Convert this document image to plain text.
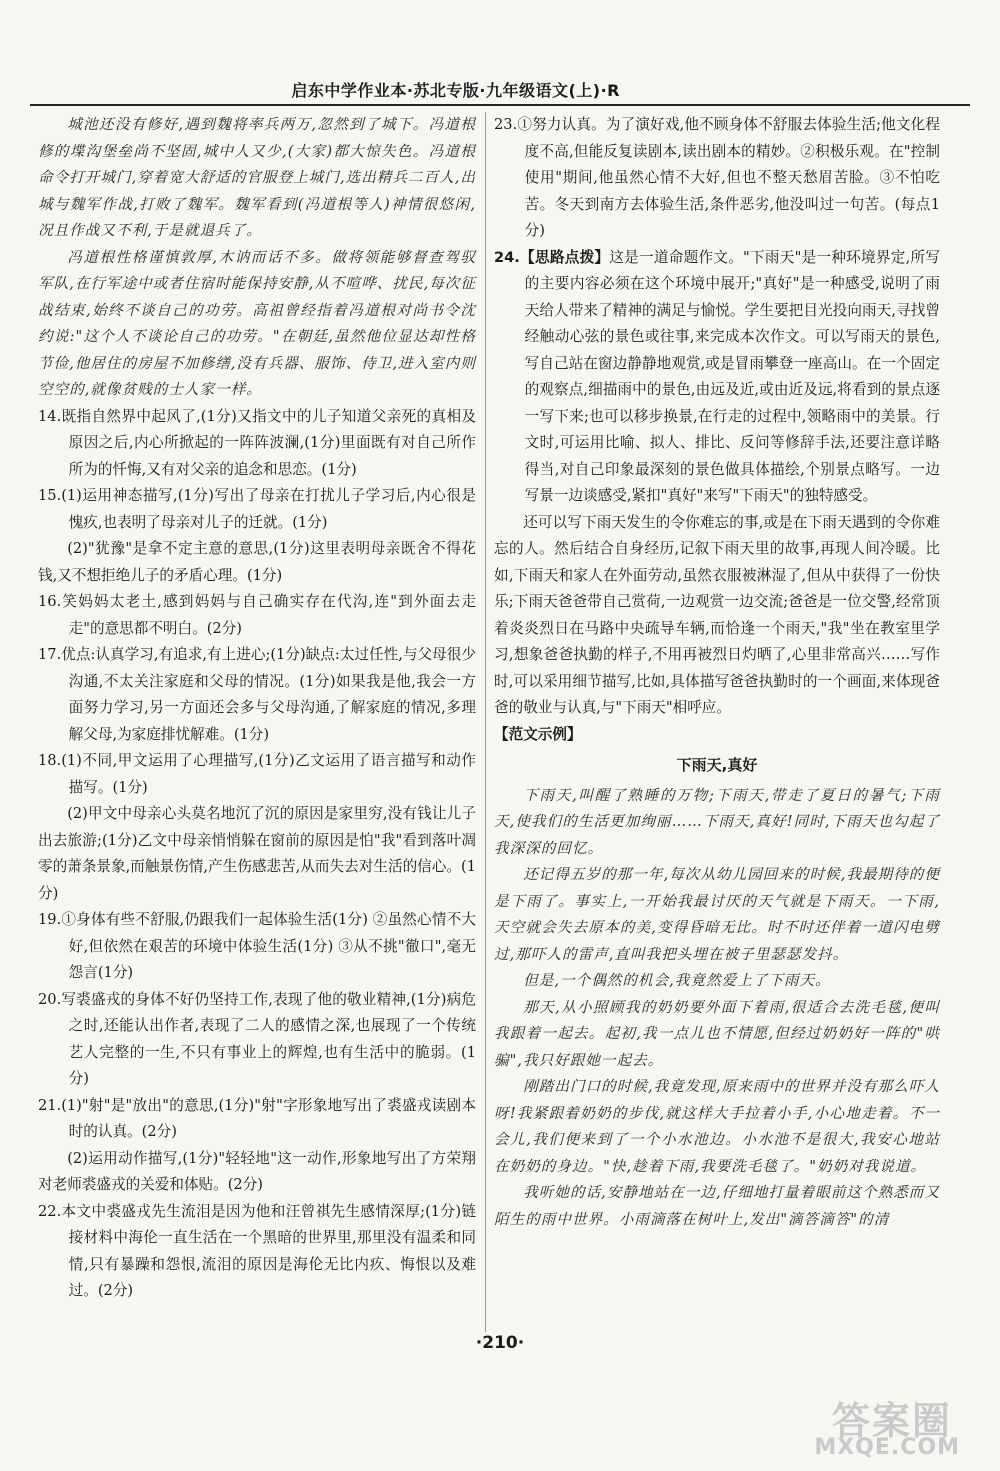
启东中学作业本·苏北专版·九年级语文(上)·R

城池还没有修好,遇到魏将率兵两万,忽然到了城下。冯道根修的堞沟堡垒尚不坚固,城中人又少,(大家)都大惊失色。冯道根命令打开城门,穿着宽大舒适的官服登上城门,选出精兵二百人,出城与魏军作战,打败了魏军。魏军看到(冯道根等人)神情很悠闲,况且作战又不利,于是就退兵了。

冯道根性格谨慎敦厚,木讷而话不多。做将领能够督查驾驭军队,在行军途中或者住宿时能保持安静,从不喧哗、扰民,每次征战结束,始终不谈自己的功劳。高祖曾经指着冯道根对尚书令沈约说:"这个人不谈论自己的功劳。"在朝廷,虽然他位显达却性格节俭,他居住的房屋不加修缮,没有兵器、服饰、侍卫,进入室内则空空的,就像贫贱的士人家一样。

14.既指自然界中起风了,(1分)又指文中的儿子知道父亲死的真相及原因之后,内心所掀起的一阵阵波澜,(1分)里面既有对自己所作所为的忏悔,又有对父亲的追念和思恋。(1分)

15.(1)运用神态描写,(1分)写出了母亲在打扰儿子学习后,内心很是愧疚,也表明了母亲对儿子的迁就。(1分)

(2)"犹豫"是拿不定主意的意思,(1分)这里表明母亲既舍不得花钱,又不想拒绝儿子的矛盾心理。(1分)

16.笑妈妈太老土,感到妈妈与自己确实存在代沟,连"到外面去走走"的意思都不明白。(2分)

17.优点:认真学习,有追求,有上进心;(1分)缺点:太过任性,与父母很少沟通,不太关注家庭和父母的情况。(1分)如果我是他,我会一方面努力学习,另一方面还会多与父母沟通,了解家庭的情况,多理解父母,为家庭排忧解难。(1分)

18.(1)不同,甲文运用了心理描写,(1分)乙文运用了语言描写和动作描写。(1分)

(2)甲文中母亲心头莫名地沉了沉的原因是家里穷,没有钱让儿子出去旅游;(1分)乙文中母亲悄悄躲在窗前的原因是怕"我"看到落叶凋零的萧条景象,而触景伤情,产生伤感悲苦,从而失去对生活的信心。(1分)

19.①身体有些不舒服,仍跟我们一起体验生活(1分) ②虽然心情不大好,但依然在艰苦的环境中体验生活(1分) ③从不挑"徹口",毫无怨言(1分)

20.写裘盛戎的身体不好仍坚持工作,表现了他的敬业精神,(1分)病危之时,还能认出作者,表现了二人的感情之深,也展现了一个传统艺人完整的一生,不只有事业上的辉煌,也有生活中的脆弱。(1分)

21.(1)"射"是"放出"的意思,(1分)"射"字形象地写出了裘盛戎读剧本时的认真。(2分)

(2)运用动作描写,(1分)"轻轻地"这一动作,形象地写出了方荣翔对老师裘盛戎的关爱和体贴。(2分)

22.本文中裘盛戎先生流泪是因为他和汪曾祺先生感情深厚;(1分)链接材料中海伦一直生活在一个黑暗的世界里,那里没有温柔和同情,只有暴躁和怨恨,流泪的原因是海伦无比内疚、悔恨以及难过。(2分)

23.①努力认真。为了演好戏,他不顾身体不舒服去体验生活;他文化程度不高,但能反复读剧本,读出剧本的精妙。②积极乐观。在"控制使用"期间,他虽然心情不大好,但也不整天愁眉苦脸。③不怕吃苦。冬天到南方去体验生活,条件恶劣,他没叫过一句苦。(每点1分)

24.【思路点拨】这是一道命题作文。"下雨天"是一种环境界定,所写的主要内容必须在这个环境中展开;"真好"是一种感受,说明了雨天给人带来了精神的满足与愉悦。学生要把目光投向雨天,寻找曾经触动心弦的景色或往事,来完成本次作文。可以写雨天的景色,写自己站在窗边静静地观赏,或是冒雨攀登一座高山。在一个固定的观察点,细描雨中的景色,由远及近,或由近及远,将看到的景点逐一写下来;也可以移步换景,在行走的过程中,领略雨中的美景。行文时,可运用比喻、拟人、排比、反问等修辞手法,还要注意详略得当,对自己印象最深刻的景色做具体描绘,个别景点略写。一边写景一边谈感受,紧扣"真好"来写"下雨天"的独特感受。

还可以写下雨天发生的令你难忘的事,或是在下雨天遇到的令你难忘的人。然后结合自身经历,记叙下雨天里的故事,再现人间冷暖。比如,下雨天和家人在外面劳动,虽然衣服被淋湿了,但从中获得了一份快乐;下雨天爸爸带自己赏荷,一边观赏一边交流;爸爸是一位交警,经常顶着炎炎烈日在马路中央疏导车辆,而恰逢一个雨天,"我"坐在教室里学习,想象爸爸执勤的样子,不用再被烈日灼晒了,心里非常高兴……写作时,可以采用细节描写,比如,具体描写爸爸执勤时的一个画面,来体现爸爸的敬业与认真,与"下雨天"相呼应。

【范文示例】

下雨天,真好

下雨天,叫醒了熟睡的万物;下雨天,带走了夏日的暑气;下雨天,使我们的生活更加绚丽……下雨天,真好!同时,下雨天也勾起了我深深的回忆。

还记得五岁的那一年,每次从幼儿园回来的时候,我最期待的便是下雨了。事实上,一开始我最讨厌的天气就是下雨天。一下雨,天空就会失去原本的美,变得昏暗无比。时不时还伴着一道闪电劈过,那吓人的雷声,直叫我把头埋在被子里瑟瑟发抖。

但是,一个偶然的机会,我竟然爱上了下雨天。

那天,从小照顾我的奶奶要外面下着雨,很适合去洗毛毯,便叫我跟着一起去。起初,我一点儿也不情愿,但经过奶奶好一阵的"哄骗",我只好跟她一起去。

刚踏出门口的时候,我竟发现,原来雨中的世界并没有那么吓人呀!我紧跟着奶奶的步伐,就这样大手拉着小手,小心地走着。不一会儿,我们便来到了一个小水池边。小水池不是很大,我安心地站在奶奶的身边。"快,趁着下雨,我要洗毛毯了。"奶奶对我说道。

我听她的话,安静地站在一边,仔细地打量着眼前这个熟悉而又陌生的雨中世界。小雨滴落在树叶上,发出"滴答滴答"的清

·210·
答案圈
MXQE.COM
